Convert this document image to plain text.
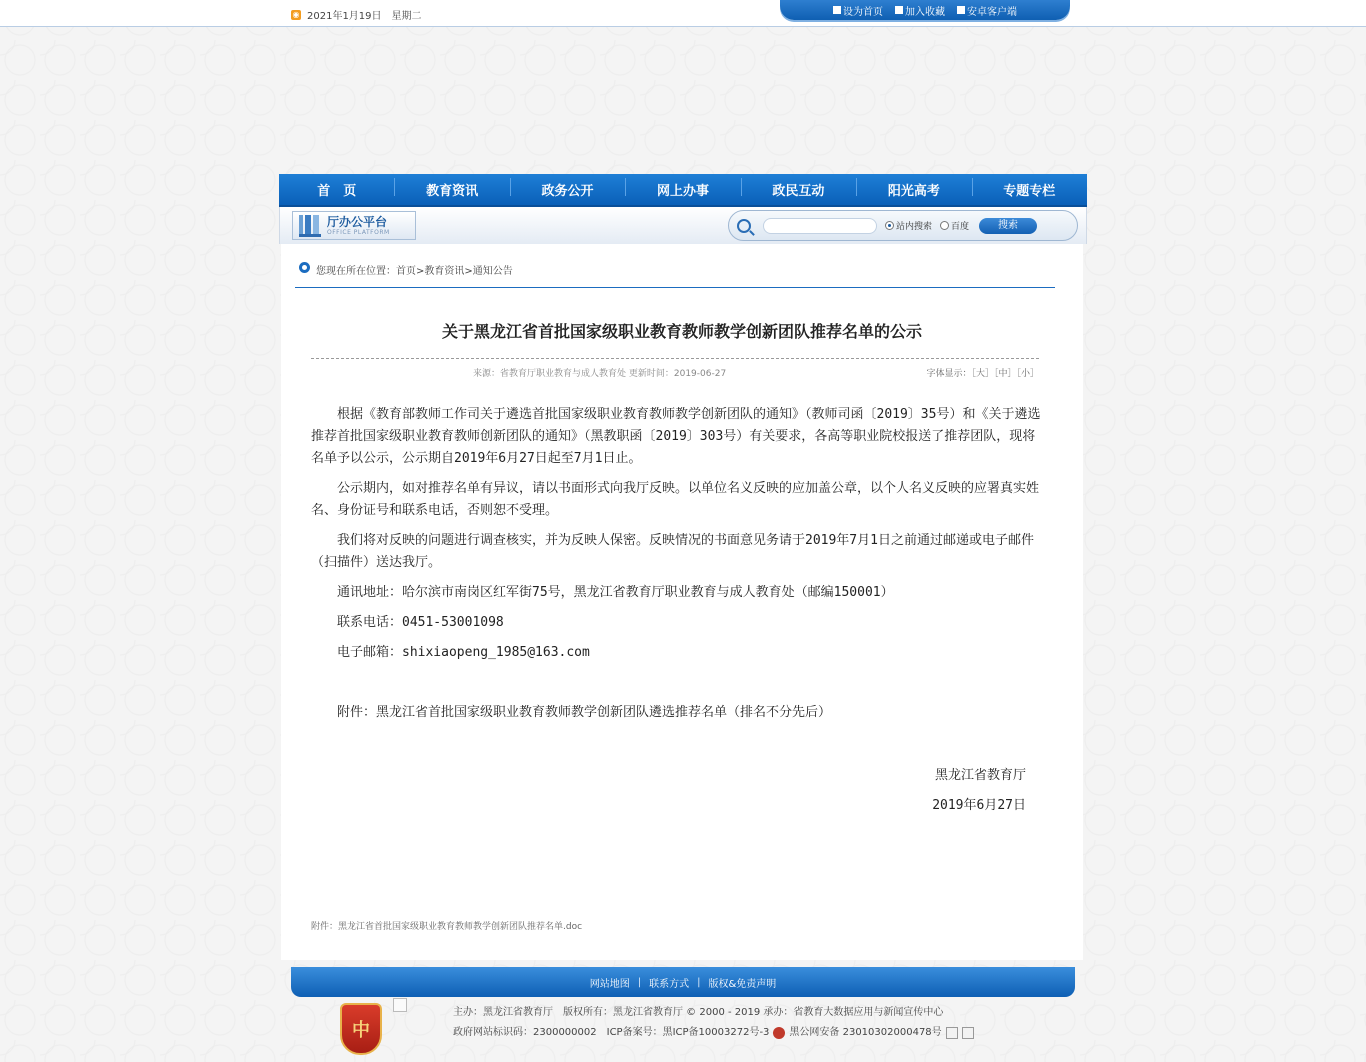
◉ 2021年1月19日 星期二	设为首页 加入收藏 安卓客户端
首　页	教育资讯	政务公开	网上办事	政民互动	阳光高考	专题专栏
厅办公平台
OFFICE PLATFORM	站内搜索 百度	搜索
您现在所在位置：首页>教育资讯>通知公告
关于黑龙江省首批国家级职业教育教师教学创新团队推荐名单的公示
来源：省教育厅职业教育与成人教育处 更新时间：2019-06-27	字体显示：［大］［中］［小］

根据《教育部教师工作司关于遴选首批国家级职业教育教师教学创新团队的通知》（教师司函〔2019〕35号）和《关于遴选推荐首批国家级职业教育教师创新团队的通知》（黑教职函〔2019〕303号）有关要求，各高等职业院校报送了推荐团队，现将名单予以公示，公示期自2019年6月27日起至7月1日止。

公示期内，如对推荐名单有异议，请以书面形式向我厅反映。以单位名义反映的应加盖公章，以个人名义反映的应署真实姓名、身份证号和联系电话，否则恕不受理。

我们将对反映的问题进行调查核实，并为反映人保密。反映情况的书面意见务请于2019年7月1日之前通过邮递或电子邮件（扫描件）送达我厅。

通讯地址：哈尔滨市南岗区红军街75号，黑龙江省教育厅职业教育与成人教育处（邮编150001）

联系电话：0451-53001098

电子邮箱：shixiaopeng_1985@163.com

附件：黑龙江省首批国家级职业教育教师教学创新团队遴选推荐名单（排名不分先后）

黑龙江省教育厅
2019年6月27日
附件：黑龙江省首批国家级职业教育教师教学创新团队推荐名单.doc
网站地图 | 联系方式 | 版权&免责声明
中
主办：黑龙江省教育厅　版权所有：黑龙江省教育厅 © 2000 - 2019 承办：省教育大数据应用与新闻宣传中心
政府网站标识码：2300000002　ICP备案号：黑ICP备10003272号-3 黑公网安备 23010302000478号
